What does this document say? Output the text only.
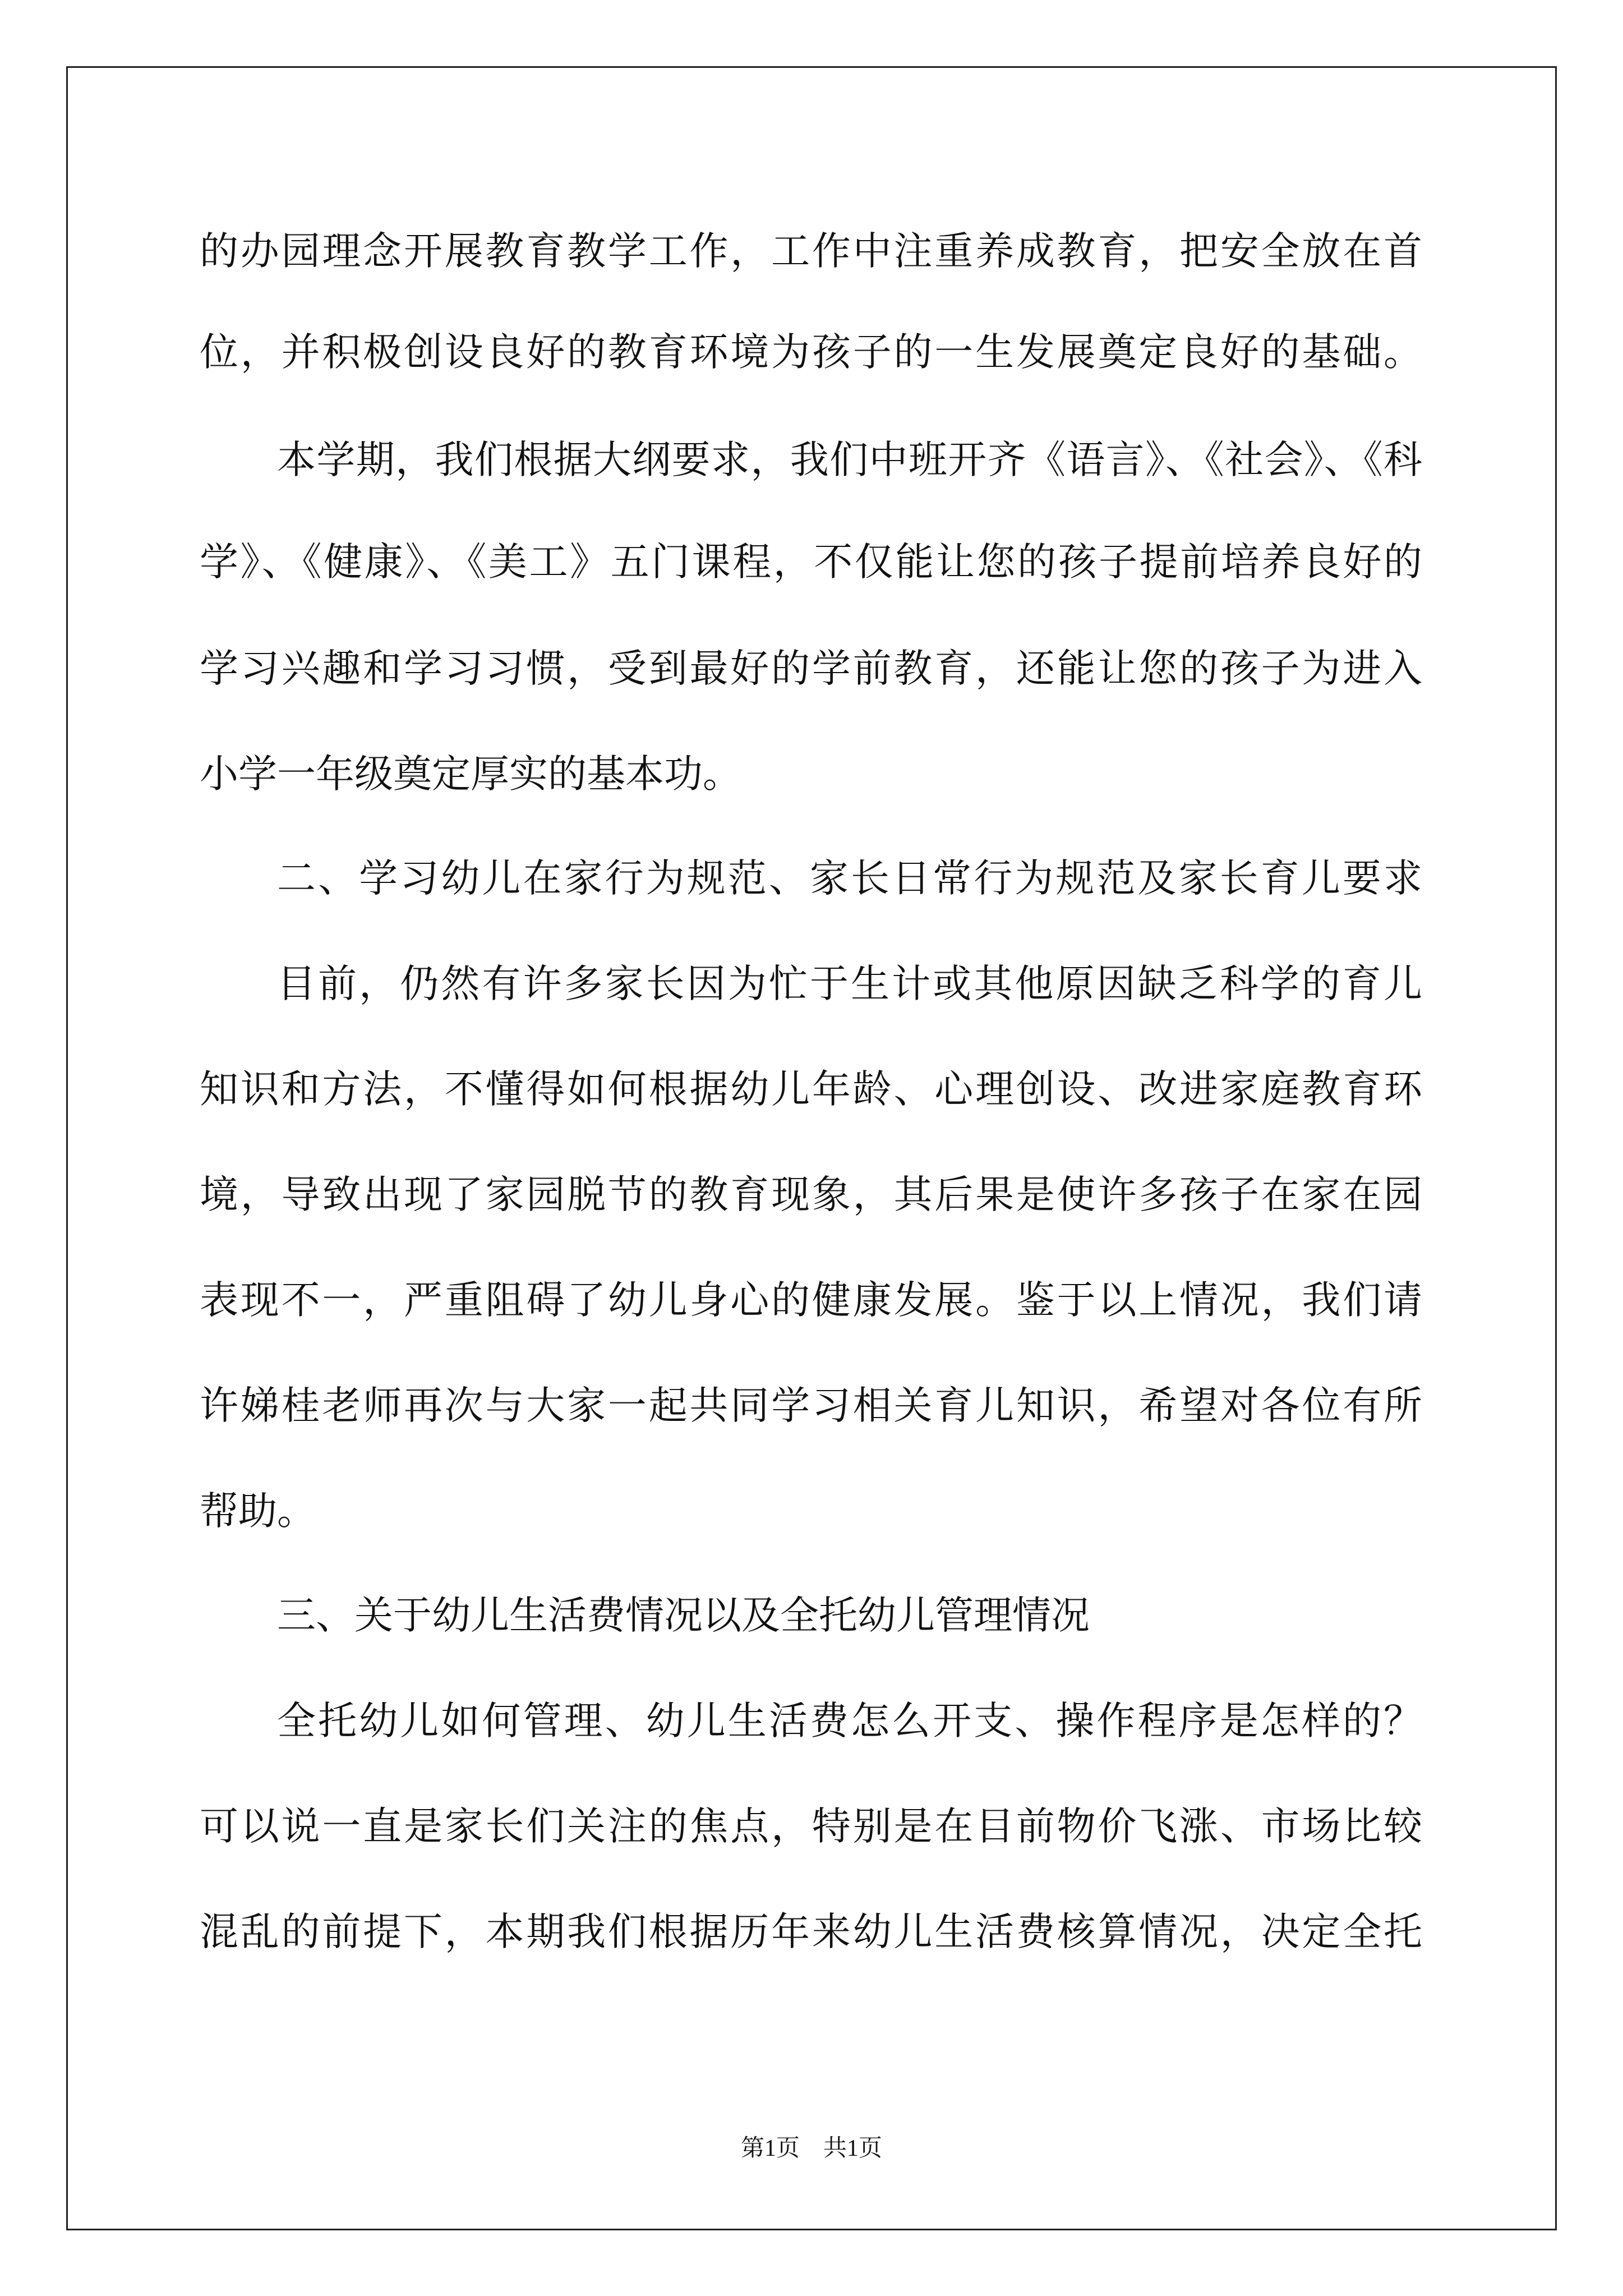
的办园理念开展教育教学工作，工作中注重养成教育，把安全放在首
位，并积极创设良好的教育环境为孩子的一生发展奠定良好的基础。
本学期，我们根据大纲要求，我们中班开齐《语言》、《社会》、《科
学》、《健康》、《美工》五门课程，不仅能让您的孩子提前培养良好的
学习兴趣和学习习惯，受到最好的学前教育，还能让您的孩子为进入
小学一年级奠定厚实的基本功。
二、学习幼儿在家行为规范、家长日常行为规范及家长育儿要求
目前，仍然有许多家长因为忙于生计或其他原因缺乏科学的育儿
知识和方法，不懂得如何根据幼儿年龄、心理创设、改进家庭教育环
境，导致出现了家园脱节的教育现象，其后果是使许多孩子在家在园
表现不一，严重阻碍了幼儿身心的健康发展。鉴于以上情况，我们请
许娣桂老师再次与大家一起共同学习相关育儿知识，希望对各位有所
帮助。
三、关于幼儿生活费情况以及全托幼儿管理情况
全托幼儿如何管理、幼儿生活费怎么开支、操作程序是怎样的？
可以说一直是家长们关注的焦点，特别是在目前物价飞涨、市场比较
混乱的前提下，本期我们根据历年来幼儿生活费核算情况，决定全托
第1页　共1页
